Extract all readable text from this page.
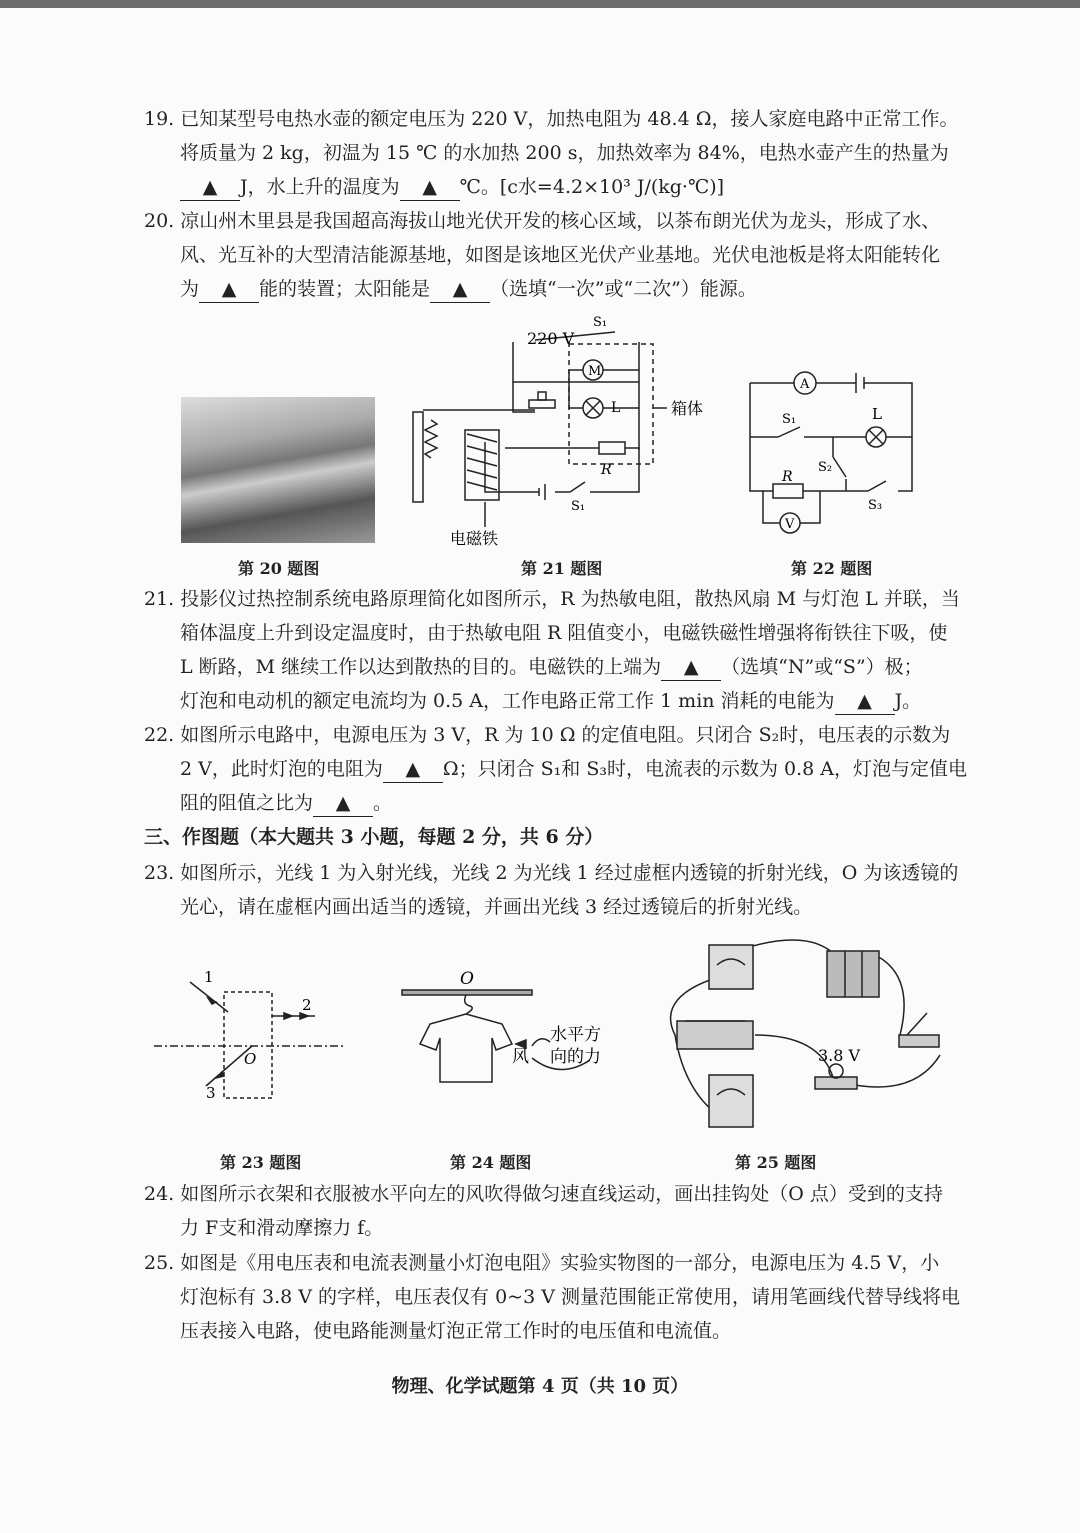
19. 已知某型号电热水壶的额定电压为 220 V，加热电阻为 48.4 Ω，接人家庭电路中正常工作。
将质量为 2 kg，初温为 15 ℃ 的水加热 200 s，加热效率为 84%，电热水壶产生的热量为
▲ J，水上升的温度为 ▲ ℃。[c水=4.2×10³ J/(kg·℃)]
20. 凉山州木里县是我国超高海拔山地光伏开发的核心区域，以茶布朗光伏为龙头，形成了水、
风、光互补的大型清洁能源基地，如图是该地区光伏产业基地。光伏电池板是将太阳能转化
为 ▲ 能的装置；太阳能是 ▲ （选填“一次”或“二次”）能源。
220 V
S₁
M
L
R
箱体
S₁
电磁铁
A
V
L
R
S₁
S₂
S₃
第 20 题图	第 21 题图	第 22 题图
21. 投影仪过热控制系统电路原理简化如图所示，R 为热敏电阻，散热风扇 M 与灯泡 L 并联，当
箱体温度上升到设定温度时，由于热敏电阻 R 阻值变小，电磁铁磁性增强将衔铁往下吸，使
L 断路，M 继续工作以达到散热的目的。电磁铁的上端为 ▲ （选填“N”或“S”）极；
灯泡和电动机的额定电流均为 0.5 A，工作电路正常工作 1 min 消耗的电能为 ▲ J。
22. 如图所示电路中，电源电压为 3 V，R 为 10 Ω 的定值电阻。只闭合 S₂时，电压表的示数为
2 V，此时灯泡的电阻为 ▲ Ω；只闭合 S₁和 S₃时，电流表的示数为 0.8 A，灯泡与定值电
阻的阻值之比为 ▲ 。
三、作图题（本大题共 3 小题，每题 2 分，共 6 分）
23. 如图所示，光线 1 为入射光线，光线 2 为光线 1 经过虚框内透镜的折射光线，O 为该透镜的
光心，请在虚框内画出适当的透镜，并画出光线 3 经过透镜后的折射光线。
1
2
3
O
O
风
水平方
向的力	3.8 V
第 23 题图	第 24 题图	第 25 题图
24. 如图所示衣架和衣服被水平向左的风吹得做匀速直线运动，画出挂钩处（O 点）受到的支持
力 F支和滑动摩擦力 f。
25. 如图是《用电压表和电流表测量小灯泡电阻》实验实物图的一部分，电源电压为 4.5 V，小
灯泡标有 3.8 V 的字样，电压表仅有 0~3 V 测量范围能正常使用，请用笔画线代替导线将电
压表接入电路，使电路能测量灯泡正常工作时的电压值和电流值。
物理、化学试题第 4 页（共 10 页）
